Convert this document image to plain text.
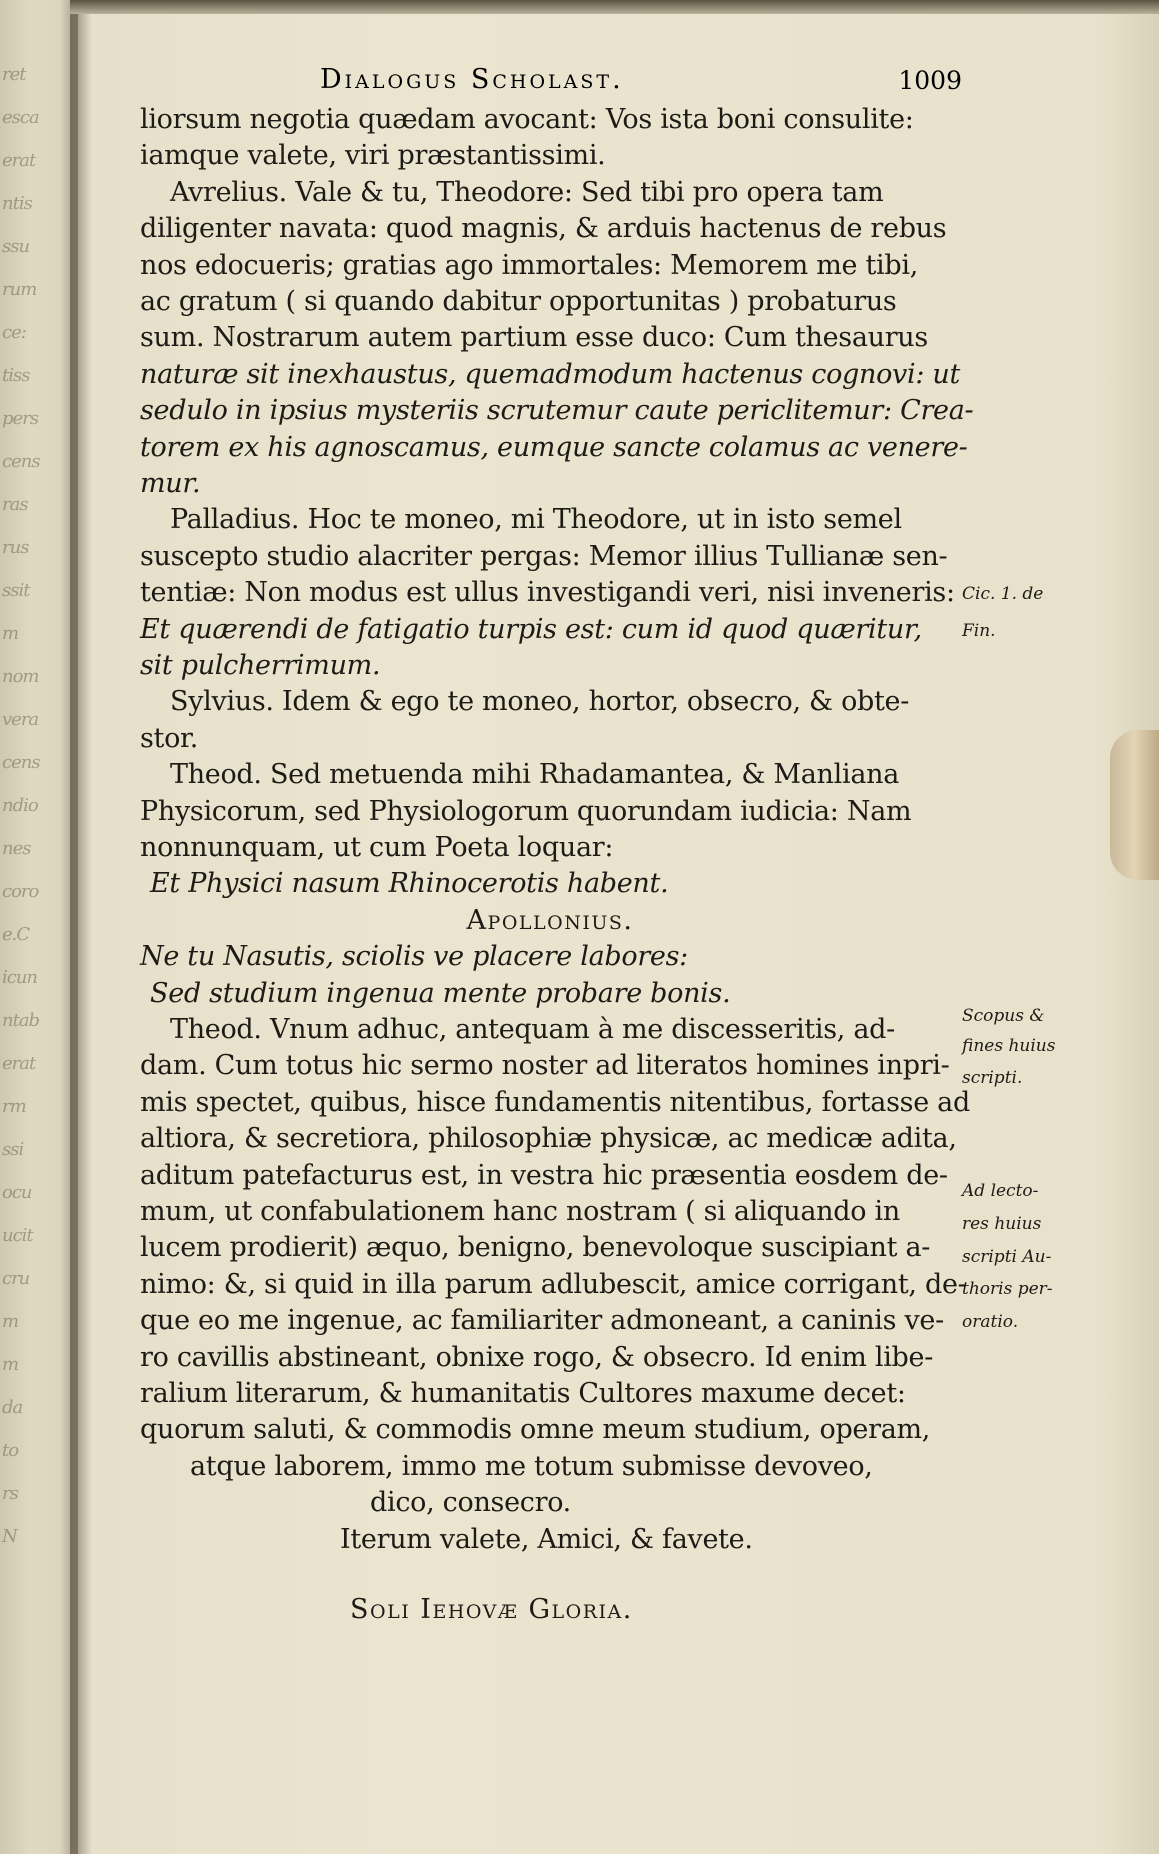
ret
esca
erat
ntis
ssu
rum
ce:
tiss
pers
cens
ras
rus
ssit
m
nom
vera
cens
ndio
nes
coro
e.C
icun
ntab
erat
rm
ssi
ocu
ucit
cru
m
m
da
to
rs
N
Dialogus Scholast.	1009
liorsum negotia quædam avocant: Vos ista boni consulite:
iamque valete, viri præstantissimi.
Avrelius. Vale & tu, Theodore: Sed tibi pro opera tam
diligenter navata: quod magnis, & arduis hactenus de rebus
nos edocueris; gratias ago immortales: Memorem me tibi,
ac gratum ( si quando dabitur opportunitas ) probaturus
sum. Nostrarum autem partium esse duco: Cum thesaurus
naturæ sit inexhaustus, quemadmodum hactenus cognovi: ut
sedulo in ipsius mysteriis scrutemur caute periclitemur: Crea-
torem ex his agnoscamus, eumque sancte colamus ac venere-
mur.
Palladius. Hoc te moneo, mi Theodore, ut in isto semel
suscepto studio alacriter pergas: Memor illius Tullianæ sen-
tentiæ: Non modus est ullus investigandi veri, nisi inveneris:
Et quærendi de fatigatio turpis est: cum id quod quæritur,
sit pulcherrimum.
Sylvius. Idem & ego te moneo, hortor, obsecro, & obte-
stor.
Theod. Sed metuenda mihi Rhadamantea, & Manliana
Physicorum, sed Physiologorum quorundam iudicia: Nam
nonnunquam, ut cum Poeta loquar:
Et Physici nasum Rhinocerotis habent.
Apollonius.
Ne tu Nasutis, sciolis ve placere labores:
Sed studium ingenua mente probare bonis.
Theod. Vnum adhuc, antequam à me discesseritis, ad-
dam. Cum totus hic sermo noster ad literatos homines inpri-
mis spectet, quibus, hisce fundamentis nitentibus, fortasse ad
altiora, & secretiora, philosophiæ physicæ, ac medicæ adita,
aditum patefacturus est, in vestra hic præsentia eosdem de-
mum, ut confabulationem hanc nostram ( si aliquando in
lucem prodierit) æquo, benigno, benevoloque suscipiant a-
nimo: &, si quid in illa parum adlubescit, amice corrigant, de-
que eo me ingenue, ac familiariter admoneant, a caninis ve-
ro cavillis abstineant, obnixe rogo, & obsecro. Id enim libe-
ralium literarum, & humanitatis Cultores maxume decet:
quorum saluti, & commodis omne meum studium, operam,
atque laborem, immo me totum submisse devoveo,
dico, consecro.
Iterum valete, Amici, & favete.
Soli Iehovæ Gloria.
Cic. 1. de
Fin.
Scopus &
fines huius
scripti.
Ad lecto-
res huius
scripti Au-
thoris per-
oratio.
